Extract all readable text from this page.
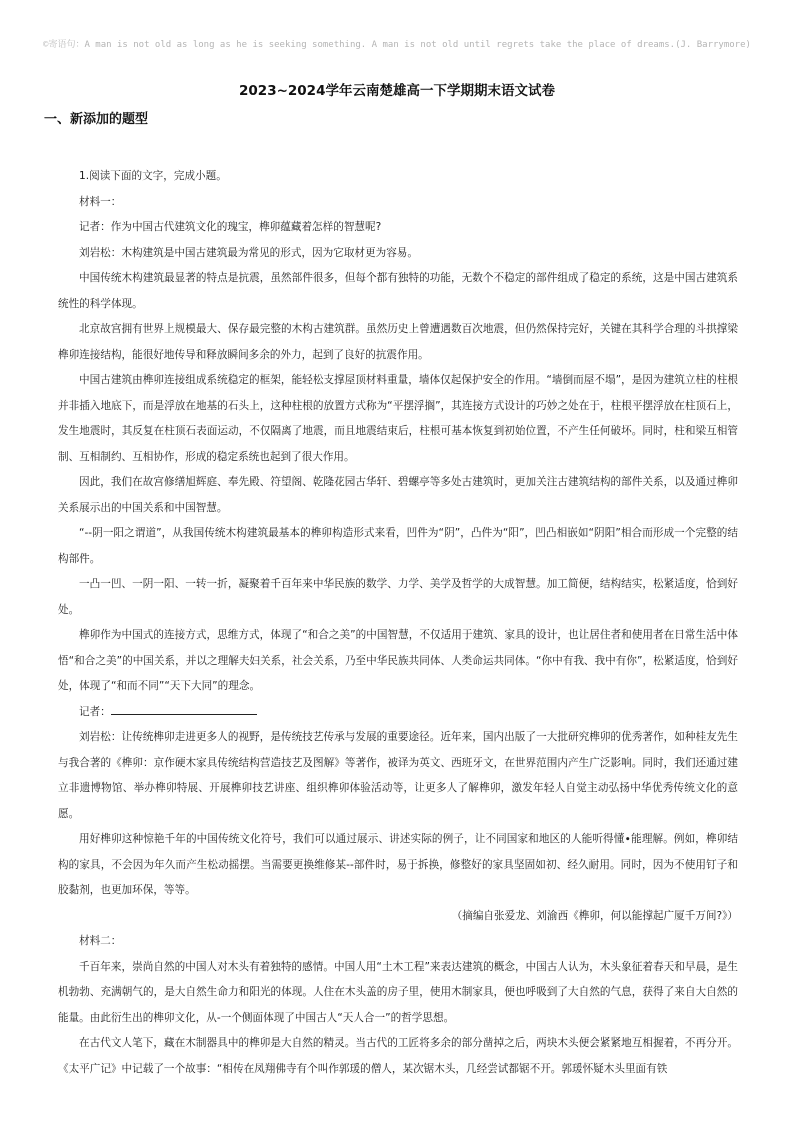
©寄语句：A man is not old as long as he is seeking something. A man is not old until regrets take the place of dreams.(J. Barrymore)
2023~2024学年云南楚雄高一下学期期末语文试卷
一、新添加的题型

1.阅读下面的文字，完成小题。

材料一：

记者：作为中国古代建筑文化的瑰宝，榫卯蕴藏着怎样的智慧呢?

刘岩松：木构建筑是中国古建筑最为常见的形式，因为它取材更为容易。

中国传统木构建筑最显著的特点是抗震，虽然部件很多，但每个都有独特的功能，无数个不稳定的部件组成了稳定的系统，这是中国古建筑系统性的科学体现。

北京故宫拥有世界上规模最大、保存最完整的木构古建筑群。虽然历史上曾遭遇数百次地震，但仍然保持完好，关键在其科学合理的斗拱撑梁榫卯连接结构，能很好地传导和释放瞬间多余的外力，起到了良好的抗震作用。

中国古建筑由榫卯连接组成系统稳定的框架，能轻松支撑屋顶材料重量，墙体仅起保护安全的作用。“墙倒而屋不塌”，是因为建筑立柱的柱根并非插入地底下，而是浮放在地基的石头上，这种柱根的放置方式称为“平摆浮搁”，其连接方式设计的巧妙之处在于，柱根平摆浮放在柱顶石上，发生地震时，其反复在柱顶石表面运动，不仅隔离了地震，而且地震结束后，柱根可基本恢复到初始位置，不产生任何破坏。同时，柱和梁互相管制、互相制约、互相协作，形成的稳定系统也起到了很大作用。

因此，我们在故宫修缮旭辉庭、奉先殿、符望阁、乾隆花园古华轩、碧螺亭等多处古建筑时，更加关注古建筑结构的部件关系，以及通过榫卯关系展示出的中国关系和中国智慧。

“--阴一阳之谓道”，从我国传统木构建筑最基本的榫卯构造形式来看，凹件为“阴”，凸件为“阳”，凹凸相嵌如“阴阳”相合而形成一个完整的结构部件。

一凸一凹、一阴一阳、一转一折，凝聚着千百年来中华民族的数学、力学、美学及哲学的大成智慧。加工简便，结构结实，松紧适度，恰到好处。

榫卯作为中国式的连接方式，思维方式，体现了“和合之美”的中国智慧，不仅适用于建筑、家具的设计，也让居住者和使用者在日常生活中体悟“和合之美”的中国关系，并以之理解夫妇关系，社会关系，乃至中华民族共同体、人类命运共同体。“你中有我、我中有你”，松紧适度，恰到好处，体现了“和而不同”“天下大同”的理念。

记者：

刘岩松：让传统榫卯走进更多人的视野，是传统技艺传承与发展的重要途径。近年来，国内出版了一大批研究榫卯的优秀著作，如种桂友先生与我合著的《榫卯：京作硬木家具传统结构营造技艺及图解》等著作，被译为英文、西班牙文，在世界范围内产生广泛影响。同时，我们还通过建立非遗博物馆、举办榫卯特展、开展榫卯技艺讲座、组织榫卯体验活动等，让更多人了解榫卯，激发年轻人自觉主动弘扬中华优秀传统文化的意愿。

用好榫卯这种惊艳千年的中国传统文化符号，我们可以通过展示、讲述实际的例子，让不同国家和地区的人能听得懂∙能理解。例如，榫卯结构的家具，不会因为年久而产生松动摇摆。当需要更换维修某--部件时，易于拆换，修整好的家具坚固如初、经久耐用。同时，因为不使用钉子和胶黏剂，也更加环保，等等。

（摘编自张爱龙、刘渝西《榫卯，何以能撑起广厦千万间?》）

材料二：

千百年来，崇尚自然的中国人对木头有着独特的感情。中国人用“土木工程”来表达建筑的概念，中国古人认为，木头象征着春天和早晨，是生机勃勃、充满朝气的，是大自然生命力和阳光的体现。人住在木头盖的房子里，使用木制家具，便也呼吸到了大自然的气息，获得了来自大自然的能量。由此衍生出的榫卯文化，从-一个侧面体现了中国古人“天人合一”的哲学思想。

在古代文人笔下，藏在木制器具中的榫卯是大自然的精灵。当古代的工匠将多余的部分凿掉之后，两块木头便会紧紧地互相握着，不再分开。《太平广记》中记载了一个故事：“相传在凤翔佛寺有个叫作郭瑗的僧人，某次锯木头，几经尝试都锯不开。郭瑗怀疑木头里面有铁
